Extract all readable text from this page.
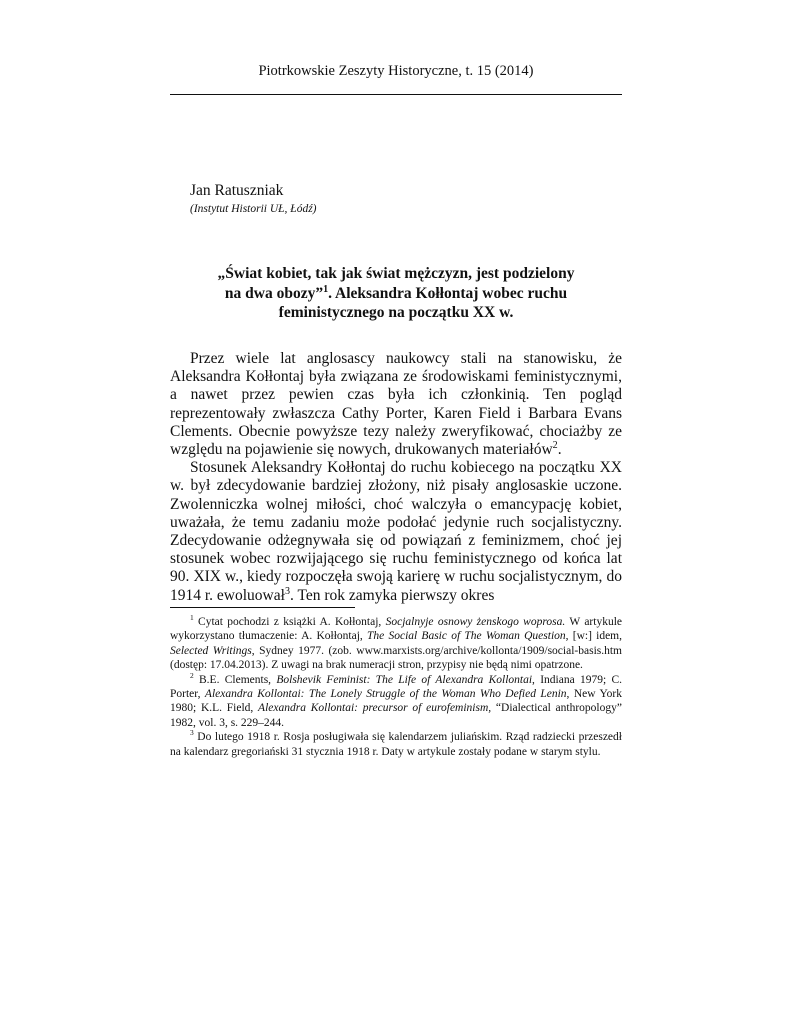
Piotrkowskie Zeszyty Historyczne, t. 15 (2014)
Jan Ratuszniak
(Instytut Historii UŁ, Łódź)
„Świat kobiet, tak jak świat mężczyzn, jest podzielony
na dwa obozy”$^1$. Aleksandra Kołłontaj wobec ruchu
feministycznego na początku XX w.

Przez wiele lat anglosascy naukowcy stali na stanowisku, że Aleksandra Kołłontaj była związana ze środowiskami feministycznymi, a nawet przez pewien czas była ich członkinią. Ten pogląd reprezentowały zwłaszcza Cathy Porter, Karen Field i Barbara Evans Clements. Obecnie powyższe tezy należy zweryfikować, chociażby ze względu na pojawienie się nowych, drukowanych materiałów$^2$.

Stosunek Aleksandry Kołłontaj do ruchu kobiecego na początku XX w. był zdecydowanie bardziej złożony, niż pisały anglosaskie uczone. Zwolenniczka wolnej miłości, choć walczyła o emancypację kobiet, uważała, że temu zadaniu może podołać jedynie ruch socjalistyczny. Zdecydowanie odżegnywała się od powiązań z feminizmem, choć jej stosunek wobec rozwijającego się ruchu feministycznego od końca lat 90. XIX w., kiedy rozpoczęła swoją karierę w ruchu socjalistycznym, do 1914 r. ewoluował$^3$. Ten rok zamyka pierwszy okres

$^1$ Cytat pochodzi z książki A. Kołłontaj, Socjalnyje osnowy żenskogo woprosa. W artykule wykorzystano tłumaczenie: A. Kołłontaj, The Social Basic of The Woman Question, [w:] idem, Selected Writings, Sydney 1977. (zob. www.marxists.org/archive/kollonta/1909/social-basis.htm (dostęp: 17.04.2013). Z uwagi na brak numeracji stron, przypisy nie będą nimi opatrzone.

$^2$ B.E. Clements, Bolshevik Feminist: The Life of Alexandra Kollontai, Indiana 1979; C. Porter, Alexandra Kollontai: The Lonely Struggle of the Woman Who Defied Lenin, New York 1980; K.L. Field, Alexandra Kollontai: precursor of eurofeminism, “Dialectical anthropology” 1982, vol. 3, s. 229–244.

$^3$ Do lutego 1918 r. Rosja posługiwała się kalendarzem juliańskim. Rząd radziecki przeszedł na kalendarz gregoriański 31 stycznia 1918 r. Daty w artykule zostały podane w starym stylu.
